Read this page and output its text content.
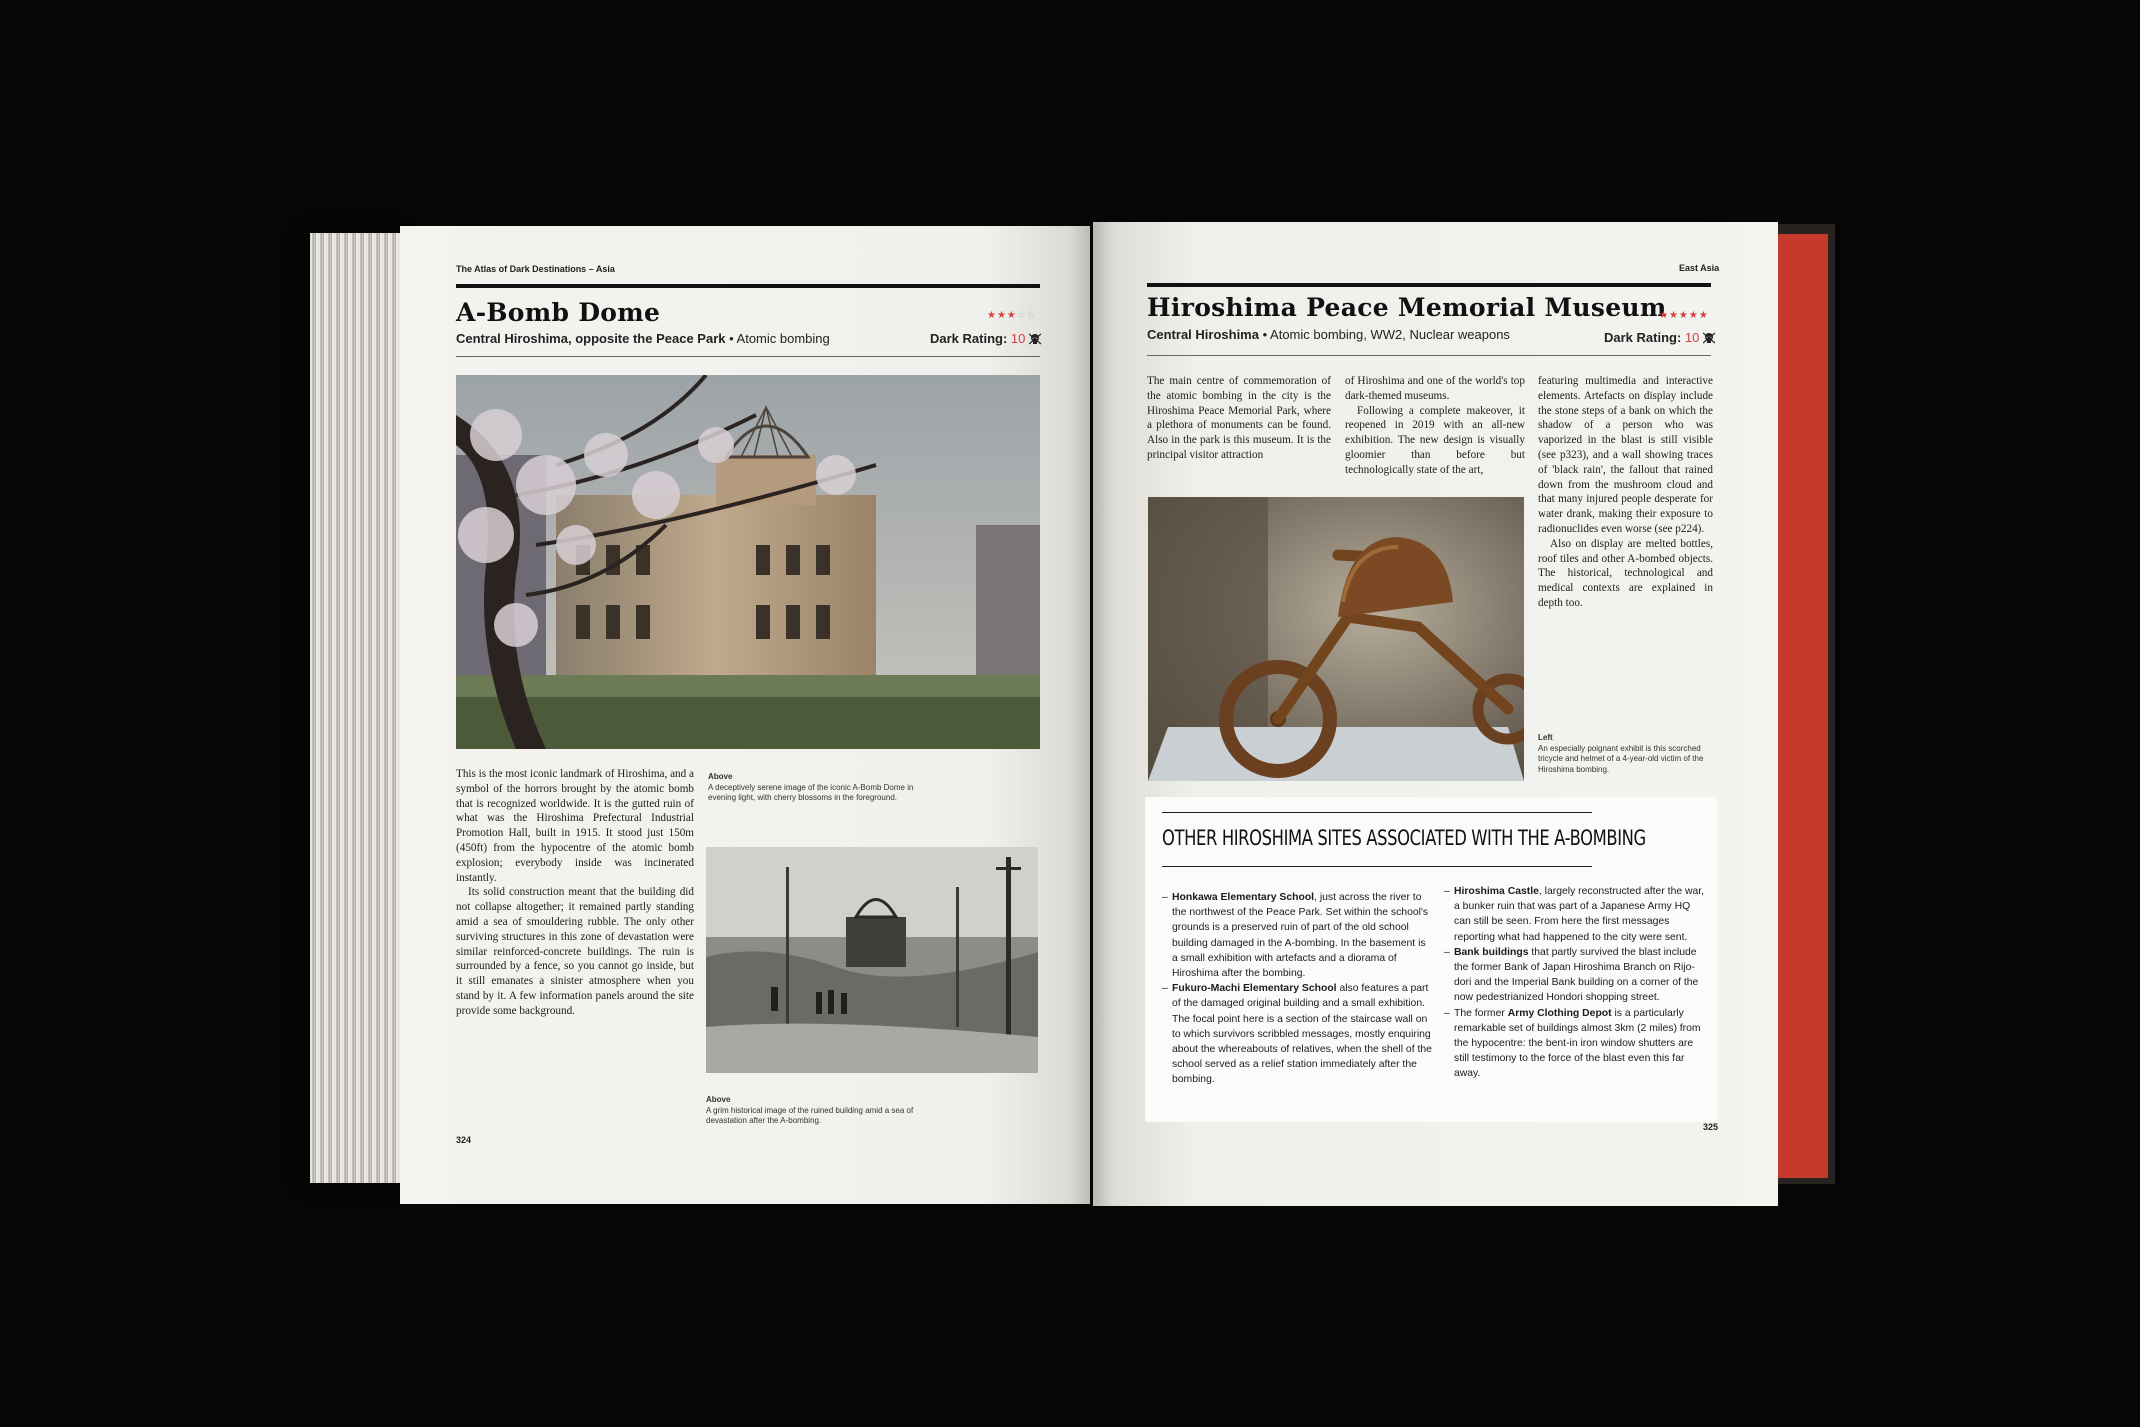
The Atlas of Dark Destinations – Asia
A-Bomb Dome	★★★☆☆
Central Hiroshima, opposite the Peace Park • Atomic bombing	Dark Rating: 10

This is the most iconic landmark of Hiroshima, and a symbol of the horrors brought by the atomic bomb that is recognized worldwide. It is the gutted ruin of what was the Hiroshima Prefectural Industrial Promotion Hall, built in 1915. It stood just 150m (450ft) from the hypocentre of the atomic bomb explosion; everybody inside was incinerated instantly.

Its solid construction meant that the building did not collapse altogether; it remained partly standing amid a sea of smouldering rubble. The only other surviving structures in this zone of devastation were similar reinforced-concrete buildings. The ruin is surrounded by a fence, so you cannot go inside, but it still emanates a sinister atmosphere when you stand by it. A few information panels around the site provide some background.

Above
A deceptively serene image of the iconic A-Bomb Dome in evening light, with cherry blossoms in the foreground.
Above
A grim historical image of the ruined building amid a sea of devastation after the A-bombing.
324
East Asia
Hiroshima Peace Memorial Museum
★★★★★
Central Hiroshima • Atomic bombing, WW2, Nuclear weapons	Dark Rating: 10

The main centre of commemoration of the atomic bombing in the city is the Hiroshima Peace Memorial Park, where a plethora of monuments can be found. Also in the park is this museum. It is the principal visitor attraction

of Hiroshima and one of the world's top dark-themed museums.

Following a complete makeover, it reopened in 2019 with an all-new exhibition. The new design is visually gloomier than before but technologically state of the art,

featuring multimedia and interactive elements. Artefacts on display include the stone steps of a bank on which the shadow of a person who was vaporized in the blast is still visible (see p323), and a wall showing traces of 'black rain', the fallout that rained down from the mushroom cloud and that many injured people desperate for water drank, making their exposure to radionuclides even worse (see p224).

Also on display are melted bottles, roof tiles and other A-bombed objects. The historical, technological and medical contexts are explained in depth too.

Left
An especially poignant exhibit is this scorched tricycle and helmet of a 4-year-old victim of the Hiroshima bombing.
OTHER HIROSHIMA SITES ASSOCIATED WITH THE A-BOMBING
– Honkawa Elementary School, just across the river to the northwest of the Peace Park. Set within the school's grounds is a preserved ruin of part of the old school building damaged in the A-bombing. In the basement is a small exhibition with artefacts and a diorama of Hiroshima after the bombing.
– Fukuro-Machi Elementary School also features a part of the damaged original building and a small exhibition. The focal point here is a section of the staircase wall on to which survivors scribbled messages, mostly enquiring about the whereabouts of relatives, when the shell of the school served as a relief station immediately after the bombing.
– Hiroshima Castle, largely reconstructed after the war, a bunker ruin that was part of a Japanese Army HQ can still be seen. From here the first messages reporting what had happened to the city were sent.
– Bank buildings that partly survived the blast include the former Bank of Japan Hiroshima Branch on Rijo-dori and the Imperial Bank building on a corner of the now pedestrianized Hondori shopping street.
– The former Army Clothing Depot is a particularly remarkable set of buildings almost 3km (2 miles) from the hypocentre: the bent-in iron window shutters are still testimony to the force of the blast even this far away.
325
